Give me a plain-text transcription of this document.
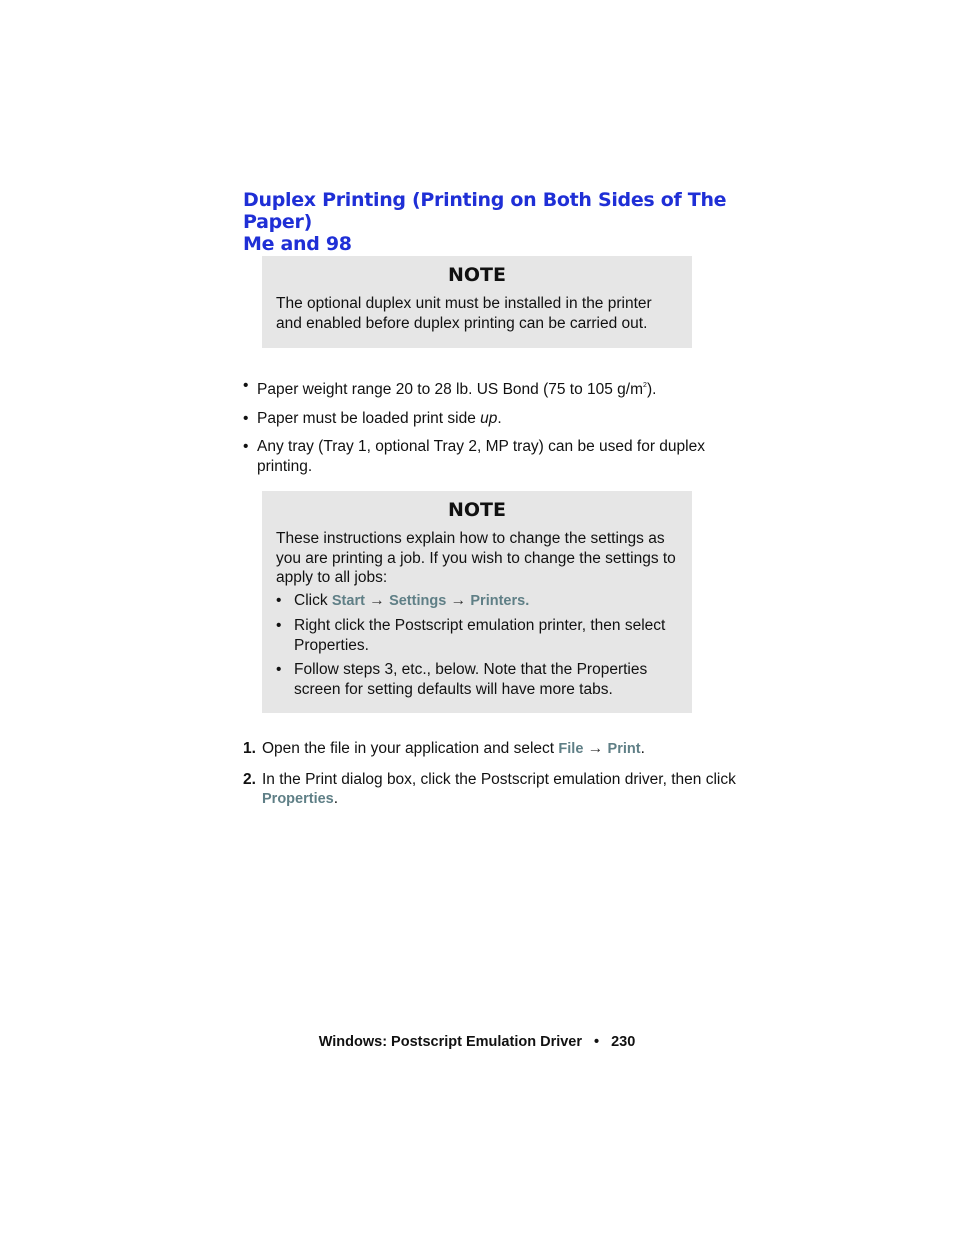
Duplex Printing (Printing on Both Sides of The Paper)
Me and 98
NOTE

The optional duplex unit must be installed in the printer and enabled before duplex printing can be carried out.

• Paper weight range 20 to 28 lb. US Bond (75 to 105 $g/m^2$).
• Paper must be loaded print side up.
• Any tray (Tray 1, optional Tray 2, MP tray) can be used for duplex printing.
NOTE

These instructions explain how to change the settings as you are printing a job. If you wish to change the settings to apply to all jobs:

• Click Start → Settings → Printers.
• Right click the Postscript emulation printer, then select Properties.
• Follow steps 3, etc., below. Note that the Properties screen for setting defaults will have more tabs.
1. Open the file in your application and select File → Print.
2. In the Print dialog box, click the Postscript emulation driver, then click Properties.
Windows: Postscript Emulation Driver • 230
